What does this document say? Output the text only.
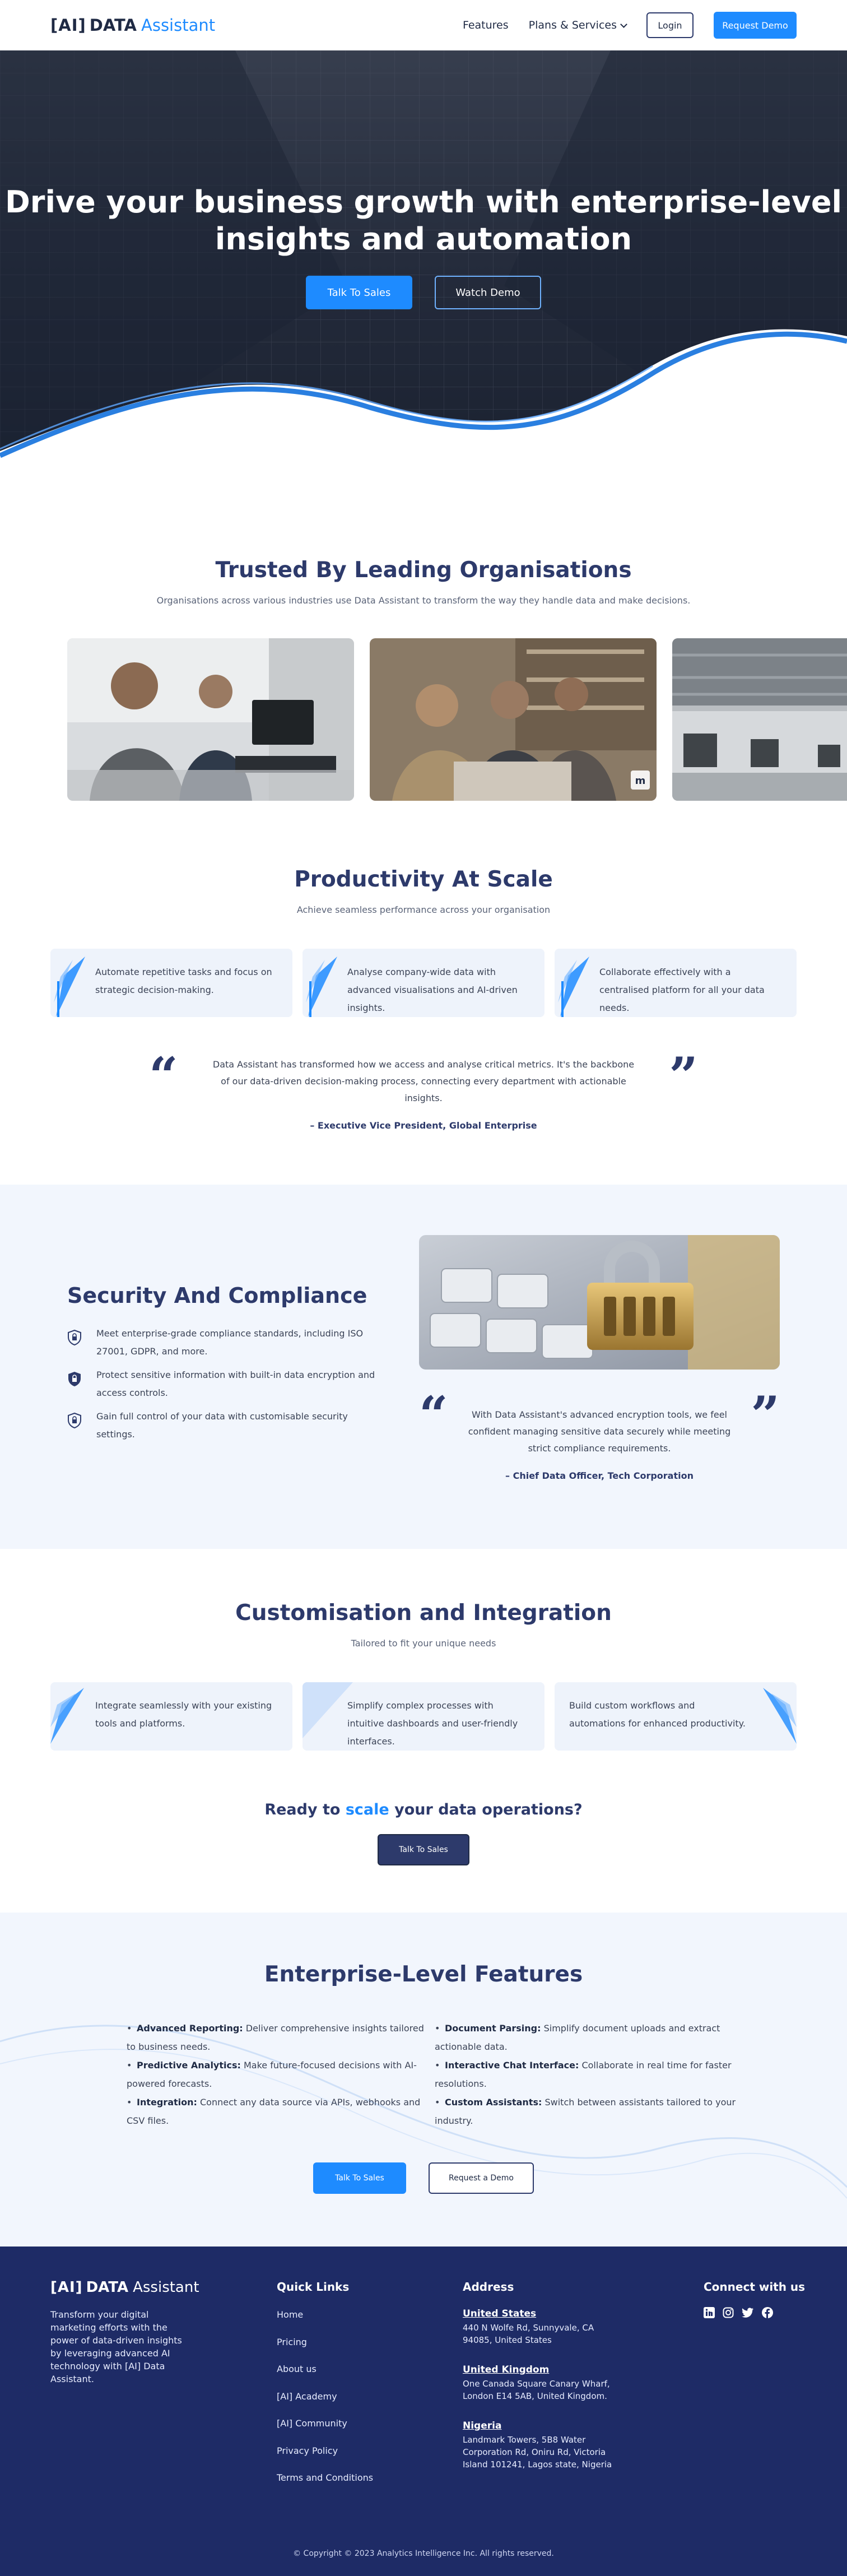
[AI] DATA Assistant	Features Plans & Services	Login	Request Demo
Drive your business growth with enterprise-level
insights and automation
Talk To Sales	Watch Demo
Trusted By Leading Organisations

Organisations across various industries use Data Assistant to transform the way they handle data and make decisions.

m
Productivity At Scale

Achieve seamless performance across your organisation

Automate repetitive tasks and focus on strategic decision-making.

Analyse company-wide data with advanced visualisations and AI-driven insights.

Collaborate effectively with a centralised platform for all your data needs.

“	”

Data Assistant has transformed how we access and analyse critical metrics. It's the backbone of our data-driven decision-making process, connecting every department with actionable insights.

– Executive Vice President, Global Enterprise

Security And Compliance
Meet enterprise-grade compliance standards, including ISO 27001, GDPR, and more.
Protect sensitive information with built-in data encryption and access controls.
Gain full control of your data with customisable security settings.	“	”

With Data Assistant's advanced encryption tools, we feel confident managing sensitive data securely while meeting strict compliance requirements.

– Chief Data Officer, Tech Corporation

Customisation and Integration

Tailored to fit your unique needs

Integrate seamlessly with your existing tools and platforms.

Simplify complex processes with intuitive dashboards and user-friendly interfaces.

Build custom workflows and automations for enhanced productivity.

Ready to scale your data operations?
Talk To Sales
Enterprise-Level Features
• Advanced Reporting: Deliver comprehensive insights tailored to business needs.
• Predictive Analytics: Make future-focused decisions with AI-powered forecasts.
• Integration: Connect any data source via APIs, webhooks and CSV files.
• Document Parsing: Simplify document uploads and extract actionable data.
• Interactive Chat Interface: Collaborate in real time for faster resolutions.
• Custom Assistants: Switch between assistants tailored to your industry.
Talk To Sales	Request a Demo
[AI] DATA Assistant

Transform your digital marketing efforts with the power of data-driven insights by leveraging advanced AI technology with [AI] Data Assistant.

Quick Links
Home
Pricing
About us
[AI] Academy
[AI] Community
Privacy Policy
Terms and Conditions
Address
United States
440 N Wolfe Rd, Sunnyvale, CA 94085, United States
United Kingdom
One Canada Square Canary Wharf, London E14 5AB, United Kingdom.
Nigeria
Landmark Towers, 5B8 Water Corporation Rd, Oniru Rd, Victoria Island 101241, Lagos state, Nigeria
Connect with us

© Copyright © 2023 Analytics Intelligence Inc. All rights reserved.
